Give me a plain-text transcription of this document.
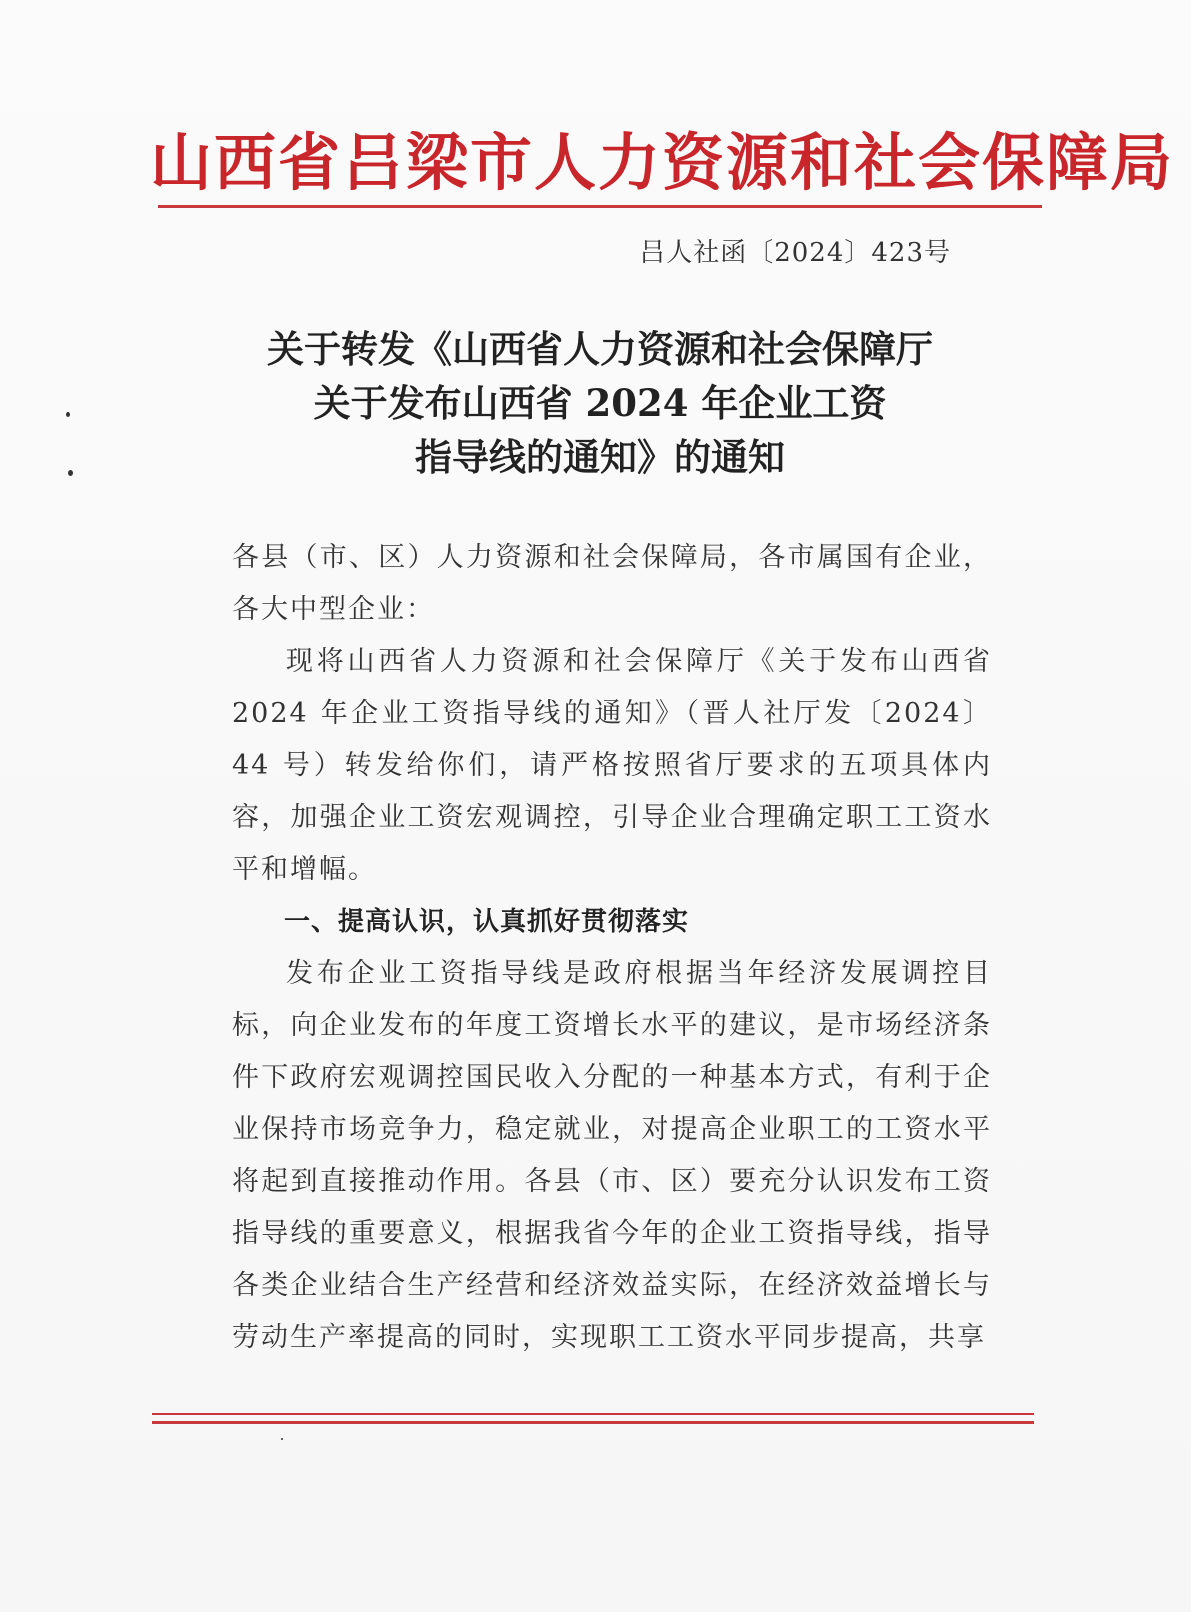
山西省吕梁市人力资源和社会保障局
吕人社函〔2024〕423号
关于转发《山西省人力资源和社会保障厅
关于发布山西省 2024 年企业工资
指导线的通知》的通知

各县（市、区）人力资源和社会保障局，各市属国有企业，各大中型企业：

现将山西省人力资源和社会保障厅《关于发布山西省 2024 年企业工资指导线的通知》（晋人社厅发〔2024〕44 号）转发给你们，请严格按照省厅要求的五项具体内容，加强企业工资宏观调控，引导企业合理确定职工工资水平和增幅。

一、提高认识，认真抓好贯彻落实

发布企业工资指导线是政府根据当年经济发展调控目标，向企业发布的年度工资增长水平的建议，是市场经济条件下政府宏观调控国民收入分配的一种基本方式，有利于企业保持市场竞争力，稳定就业，对提高企业职工的工资水平将起到直接推动作用。各县（市、区）要充分认识发布工资指导线的重要意义，根据我省今年的企业工资指导线，指导各类企业结合生产经营和经济效益实际，在经济效益增长与劳动生产率提高的同时，实现职工工资水平同步提高，共享
